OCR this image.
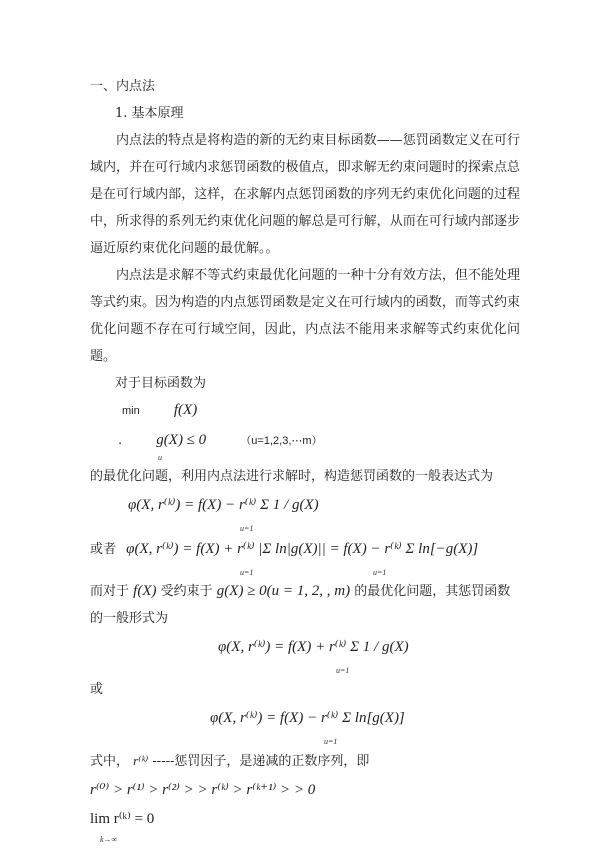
一、内点法
1. 基本原理
内点法的特点是将构造的新的无约束目标函数——惩罚函数定义在可行域内，并在可行域内求惩罚函数的极值点，即求解无约束问题时的探索点总是在可行域内部，这样，在求解内点惩罚函数的序列无约束优化问题的过程中，所求得的系列无约束优化问题的解总是可行解，从而在可行域内部逐步逼近原约束优化问题的最优解。。
内点法是求解不等式约束最优化问题的一种十分有效方法，但不能处理等式约束。因为构造的内点惩罚函数是定义在可行域内的函数，而等式约束优化问题不存在可行域空间，因此，内点法不能用来求解等式约束优化问题。
对于目标函数为
min f(X)
. g(X) ≤ 0	（u=1,2,3,⋯m）
u
的最优化问题，利用内点法进行求解时，构造惩罚函数的一般表达式为
φ(X, r⁽ᵏ⁾) = f(X) − r⁽ᵏ⁾ Σ 1 / g(X)
u=1
或者 φ(X, r⁽ᵏ⁾) = f(X) + r⁽ᵏ⁾ |Σ ln|g(X)|| = f(X) − r⁽ᵏ⁾ Σ ln[−g(X)]
u=1	u=1
而对于 f(X) 受约束于 g(X) ≥ 0(u = 1, 2, , m) 的最优化问题，其惩罚函数的一般形式为
φ(X, r⁽ᵏ⁾) = f(X) + r⁽ᵏ⁾ Σ 1 / g(X)
u=1
或
φ(X, r⁽ᵏ⁾) = f(X) − r⁽ᵏ⁾ Σ ln[g(X)]
u=1
式中， r⁽ᵏ⁾ -----惩罚因子，是递减的正数序列，即
r⁽⁰⁾ > r⁽¹⁾ > r⁽²⁾ > > r⁽ᵏ⁾ > r⁽ᵏ⁺¹⁾ > > 0
lim r⁽ᵏ⁾ = 0
k→∞
